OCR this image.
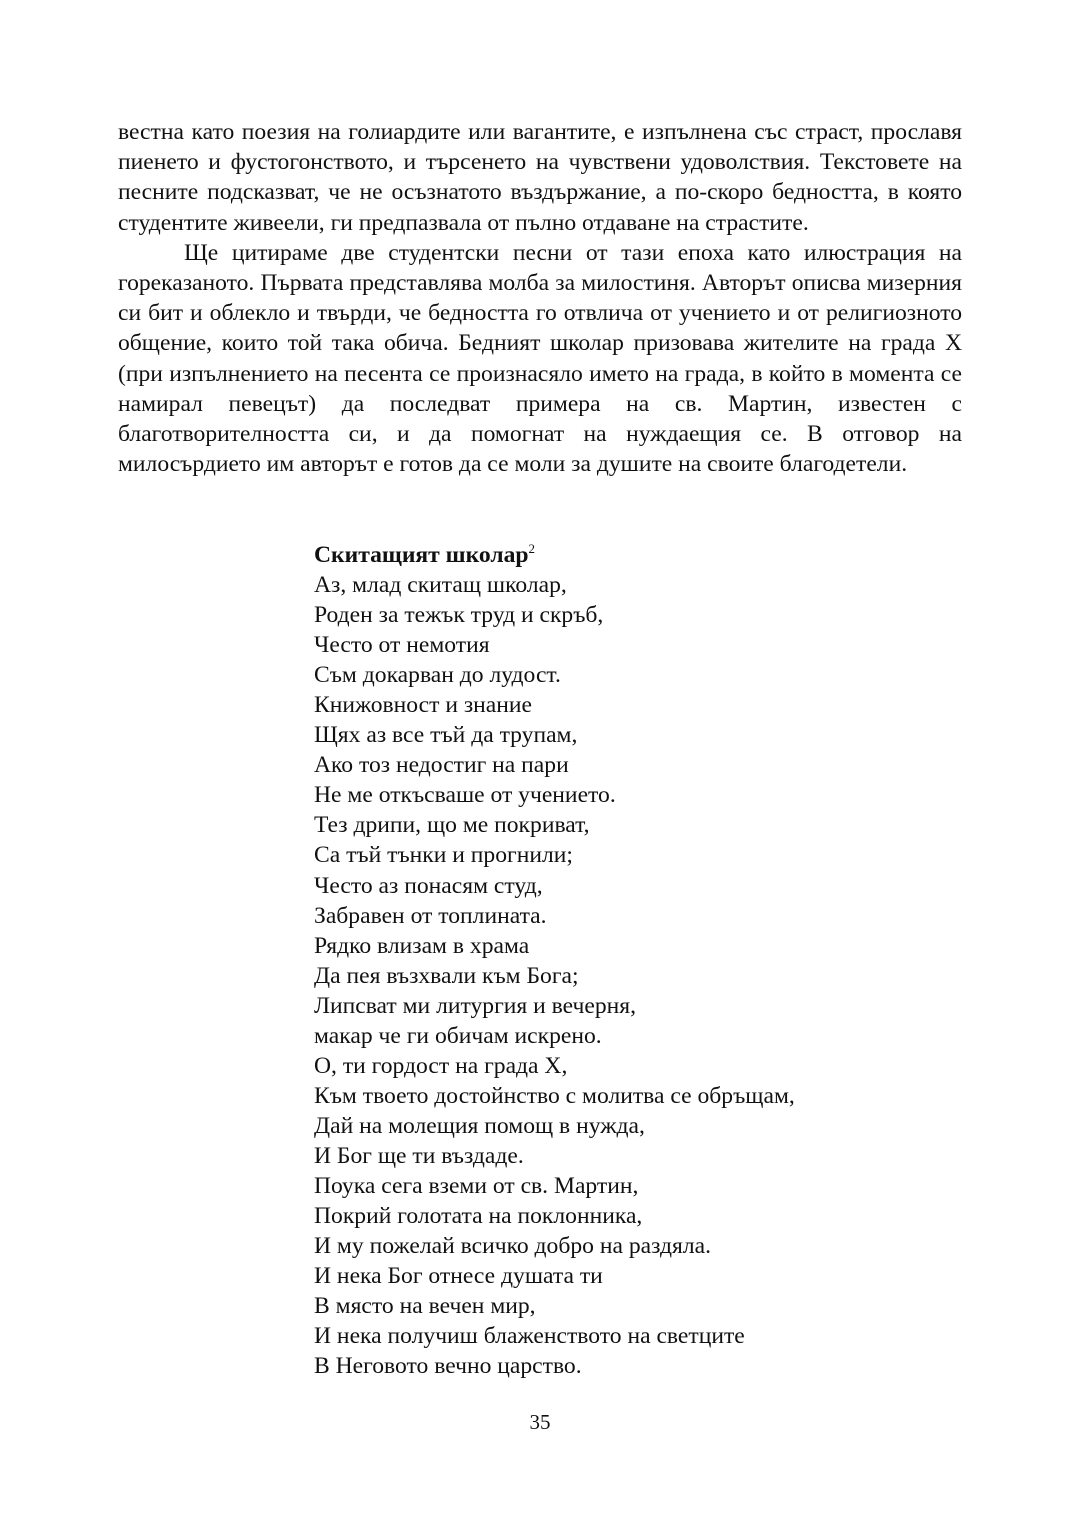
вестна като поезия на голиардите или вагантите, е изпълнена със страст, прославя пиенето и фустогонството, и търсенето на чувствени удоволствия. Текстовете на песните подсказват, че не осъзнатото въздържание, а по-скоро бедността, в която студентите живеели, ги предпазвала от пълно отдаване на страстите.

Ще цитираме две студентски песни от тази епоха като илюстрация на гореказаното. Първата представлява молба за милостиня. Авторът описва мизерния си бит и облекло и твърди, че бедността го отвлича от учението и от религиозното общение, които той така обича. Бедният школар призовава жителите на града Х (при изпълнението на песента се произнасяло името на града, в който в момента се намирал певецът) да последват примера на св. Мартин, известен с благотворителността си, и да помогнат на нуждаещия се. В отговор на милосърдието им авторът е готов да се моли за душите на своите благодетели.

Скитащият школар$^2$
Аз, млад скитащ школар,
Роден за тежък труд и скръб,
Често от немотия
Съм докарван до лудост.
Книжовност и знание
Щях аз все тъй да трупам,
Ако тоз недостиг на пари
Не ме откъсваше от учението.
Тез дрипи, що ме покриват,
Са тъй тънки и прогнили;
Често аз понасям студ,
Забравен от топлината.
Рядко влизам в храма
Да пея възхвали към Бога;
Липсват ми литургия и вечерня,
макар че ги обичам искрено.
О, ти гордост на града Х,
Към твоето достойнство с молитва се обръщам,
Дай на молещия помощ в нужда,
И Бог ще ти въздаде.
Поука сега вземи от св. Мартин,
Покрий голотата на поклонника,
И му пожелай всичко добро на раздяла.
И нека Бог отнесе душата ти
В място на вечен мир,
И нека получиш блаженството на светците
В Неговото вечно царство.
35
